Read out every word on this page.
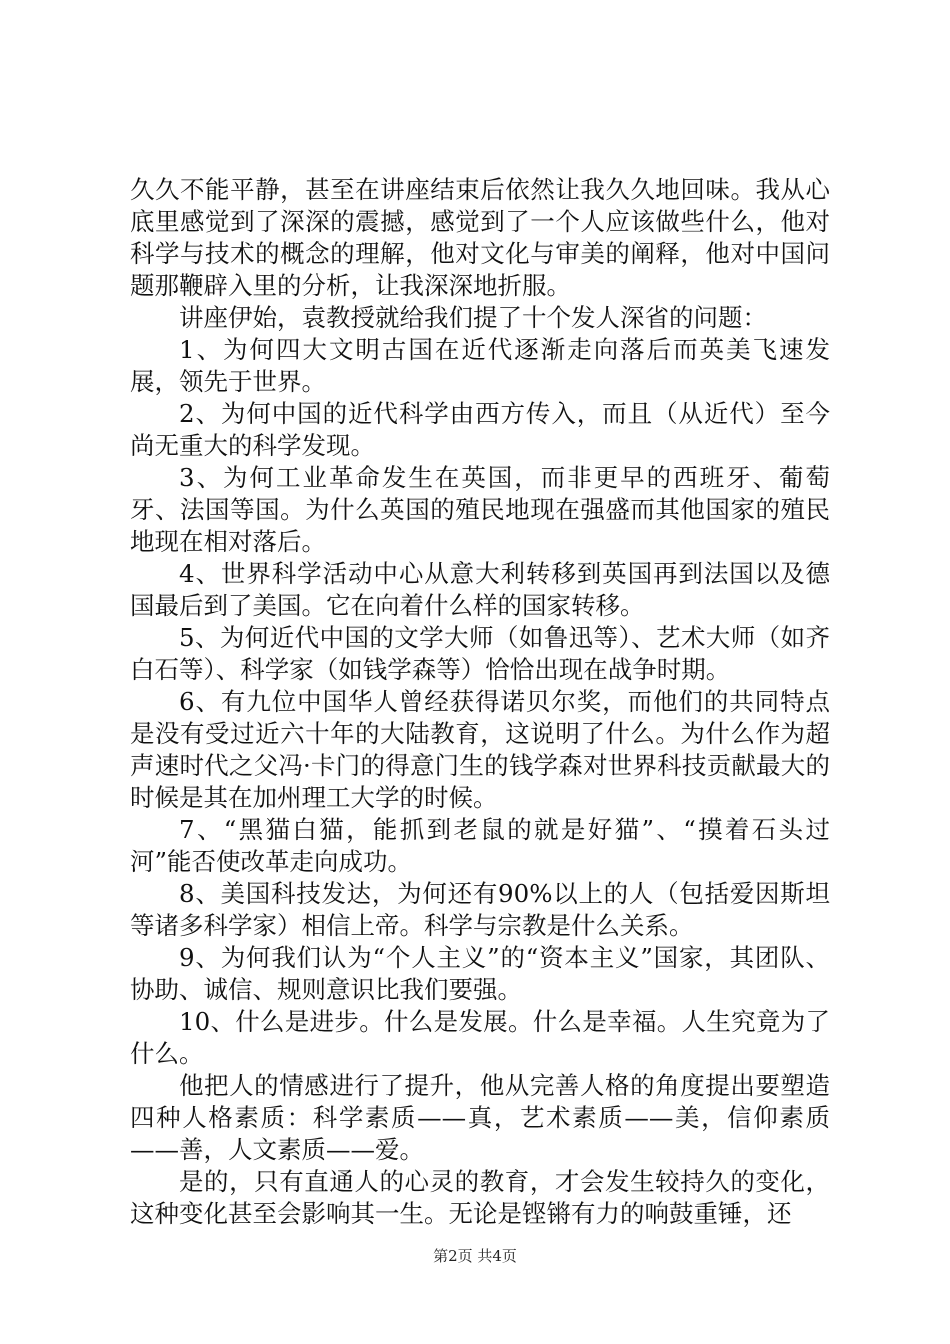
久久不能平静，甚至在讲座结束后依然让我久久地回味。我从心底里感觉到了深深的震撼，感觉到了一个人应该做些什么，他对科学与技术的概念的理解，他对文化与审美的阐释，他对中国问题那鞭辟入里的分析，让我深深地折服。

讲座伊始，袁教授就给我们提了十个发人深省的问题：

1、为何四大文明古国在近代逐渐走向落后而英美飞速发展，领先于世界。

2、为何中国的近代科学由西方传入，而且（从近代）至今尚无重大的科学发现。

3、为何工业革命发生在英国，而非更早的西班牙、葡萄牙、法国等国。为什么英国的殖民地现在强盛而其他国家的殖民地现在相对落后。

4、世界科学活动中心从意大利转移到英国再到法国以及德国最后到了美国。它在向着什么样的国家转移。

5、为何近代中国的文学大师（如鲁迅等）、艺术大师（如齐白石等）、科学家（如钱学森等）恰恰出现在战争时期。

6、有九位中国华人曾经获得诺贝尔奖，而他们的共同特点是没有受过近六十年的大陆教育，这说明了什么。为什么作为超声速时代之父冯·卡门的得意门生的钱学森对世界科技贡献最大的时候是其在加州理工大学的时候。

7、“黑猫白猫，能抓到老鼠的就是好猫”、“摸着石头过河”能否使改革走向成功。

8、美国科技发达，为何还有90%以上的人（包括爱因斯坦等诸多科学家）相信上帝。科学与宗教是什么关系。

9、为何我们认为“个人主义”的“资本主义”国家，其团队、协助、诚信、规则意识比我们要强。

10、什么是进步。什么是发展。什么是幸福。人生究竟为了什么。

他把人的情感进行了提升，他从完善人格的角度提出要塑造四种人格素质：科学素质——真，艺术素质——美，信仰素质——善，人文素质——爱。

是的，只有直通人的心灵的教育，才会发生较持久的变化，这种变化甚至会影响其一生。无论是铿锵有力的响鼓重锤，还

第2页 共4页
